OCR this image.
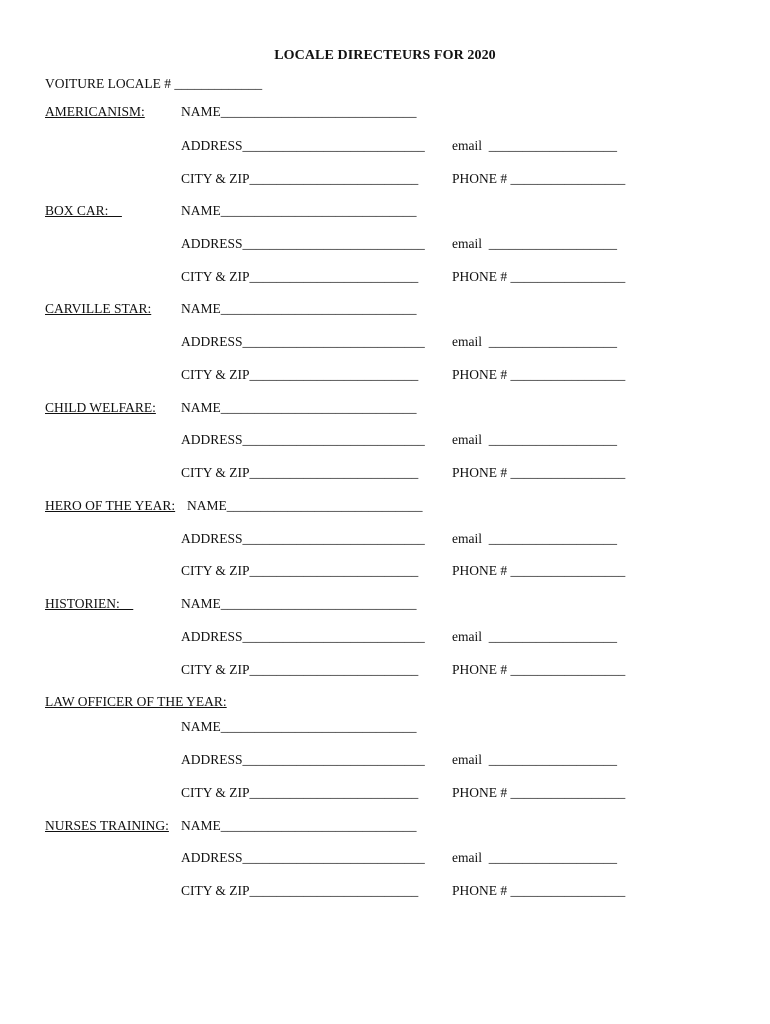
LOCALE DIRECTEURS FOR 2020
VOITURE LOCALE # _____________
AMERICANISM:	NAME_____________________________
ADDRESS___________________________ email  ___________________
CITY & ZIP_________________________	PHONE # _________________
BOX CAR:	NAME_____________________________
ADDRESS___________________________ email  ___________________
CITY & ZIP_________________________	PHONE # _________________
CARVILLE STAR: NAME_____________________________
ADDRESS___________________________ email  ___________________
CITY & ZIP_________________________	PHONE # _________________
CHILD WELFARE: NAME_____________________________
ADDRESS___________________________ email  ___________________
CITY & ZIP_________________________	PHONE # _________________
HERO OF THE YEAR: NAME_____________________________
ADDRESS___________________________ email  ___________________
CITY & ZIP_________________________	PHONE # _________________
HISTORIEN:	NAME_____________________________
ADDRESS___________________________ email  ___________________
CITY & ZIP_________________________	PHONE # _________________
LAW OFFICER OF THE YEAR:
NAME_____________________________
ADDRESS___________________________ email  ___________________
CITY & ZIP_________________________	PHONE # _________________
NURSES TRAINING: NAME_____________________________
ADDRESS___________________________ email  ___________________
CITY & ZIP_________________________	PHONE # _________________
